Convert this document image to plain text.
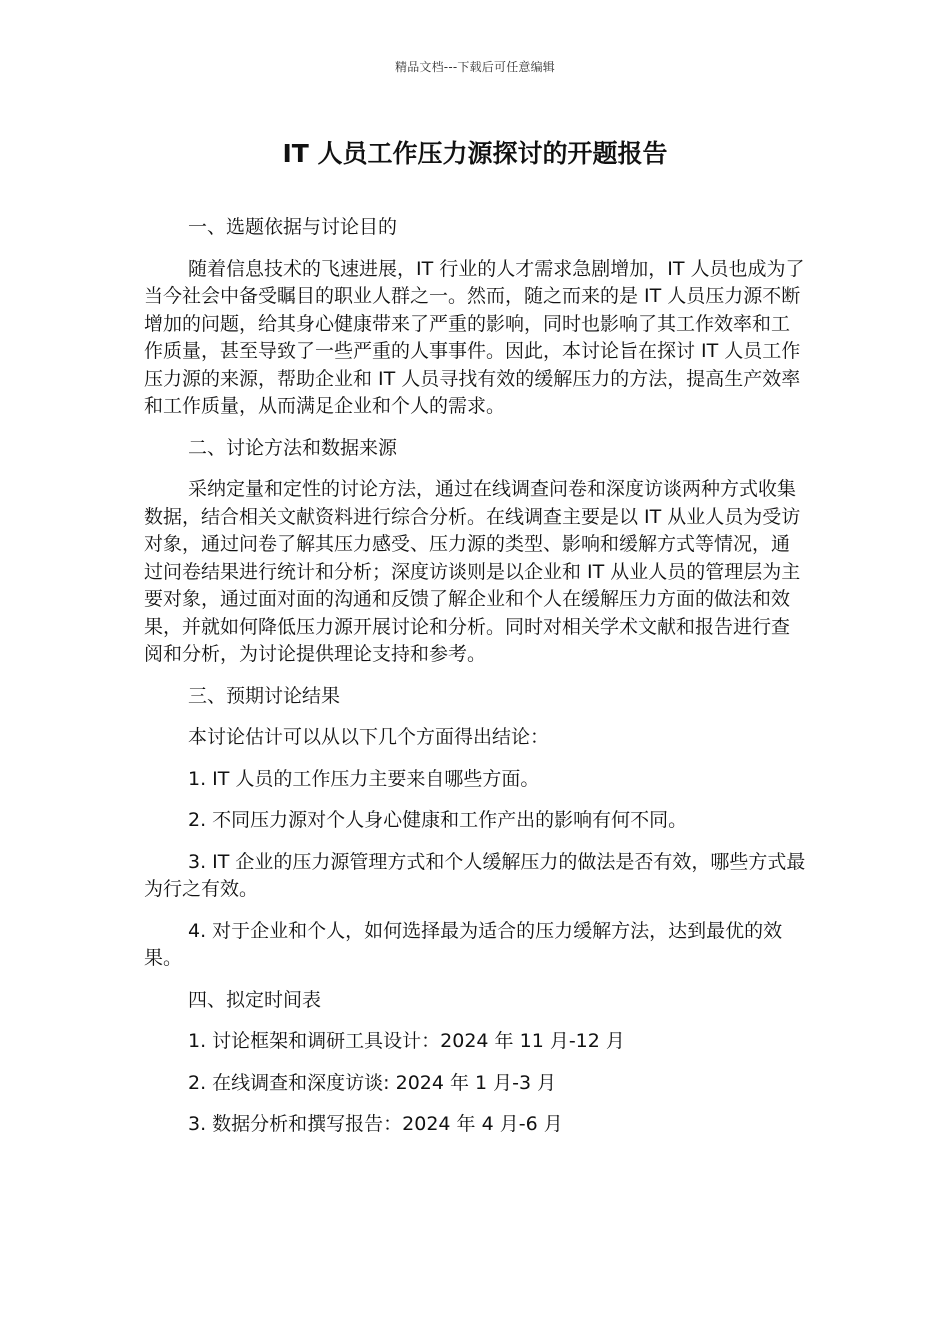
精品文档---下载后可任意编辑
IT 人员工作压力源探讨的开题报告

一、选题依据与讨论目的

随着信息技术的飞速进展，IT 行业的人才需求急剧增加，IT 人员也成为了当今社会中备受瞩目的职业人群之一。然而，随之而来的是 IT 人员压力源不断增加的问题，给其身心健康带来了严重的影响，同时也影响了其工作效率和工作质量，甚至导致了一些严重的人事事件。因此，本讨论旨在探讨 IT 人员工作压力源的来源，帮助企业和 IT 人员寻找有效的缓解压力的方法，提高生产效率和工作质量，从而满足企业和个人的需求。

二、讨论方法和数据来源

采纳定量和定性的讨论方法，通过在线调查问卷和深度访谈两种方式收集数据，结合相关文献资料进行综合分析。在线调查主要是以 IT 从业人员为受访对象，通过问卷了解其压力感受、压力源的类型、影响和缓解方式等情况，通过问卷结果进行统计和分析；深度访谈则是以企业和 IT 从业人员的管理层为主要对象，通过面对面的沟通和反馈了解企业和个人在缓解压力方面的做法和效果，并就如何降低压力源开展讨论和分析。同时对相关学术文献和报告进行查阅和分析，为讨论提供理论支持和参考。

三、预期讨论结果

本讨论估计可以从以下几个方面得出结论：

1. IT 人员的工作压力主要来自哪些方面。

2. 不同压力源对个人身心健康和工作产出的影响有何不同。

3. IT 企业的压力源管理方式和个人缓解压力的做法是否有效，哪些方式最为行之有效。

4. 对于企业和个人，如何选择最为适合的压力缓解方法，达到最优的效果。

四、拟定时间表

1. 讨论框架和调研工具设计：2024 年 11 月-12 月

2. 在线调查和深度访谈: 2024 年 1 月-3 月

3. 数据分析和撰写报告：2024 年 4 月-6 月
